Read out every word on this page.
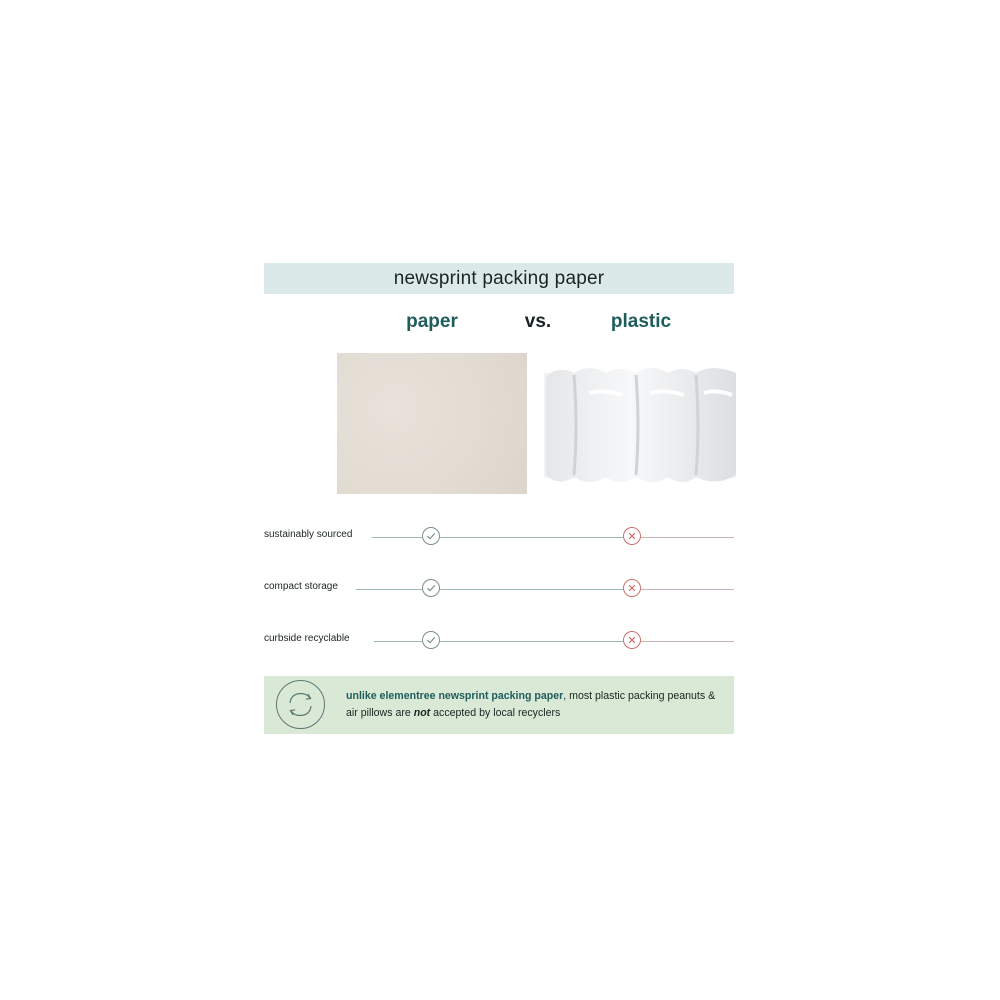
newsprint packing paper
paper	vs.	plastic
sustainably sourced
compact storage
curbside recyclable
unlike elementree newsprint packing paper, most plastic packing peanuts & air pillows are not accepted by local recyclers
